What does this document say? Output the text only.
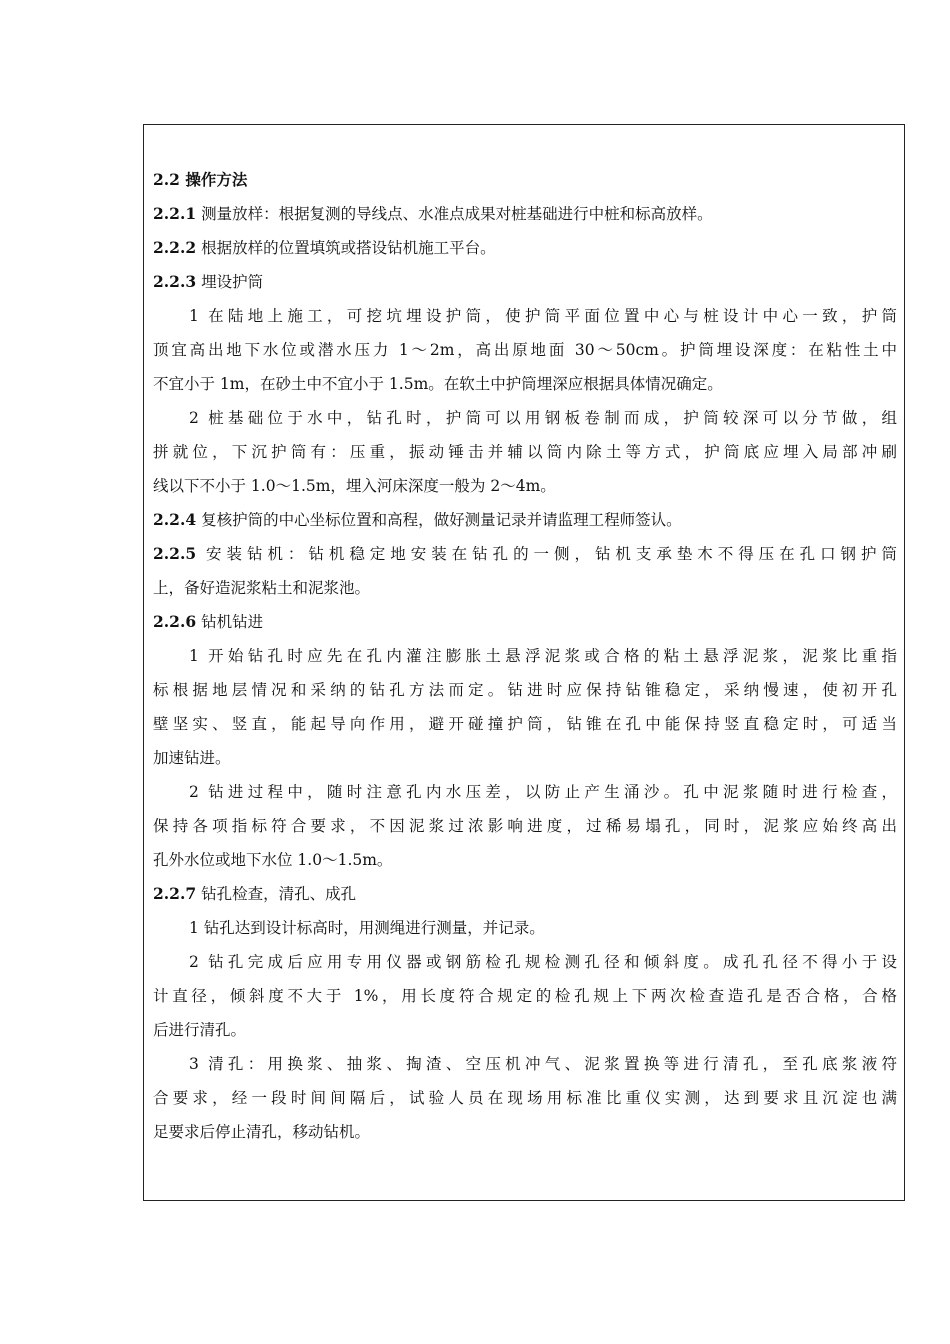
2.2 操作方法
2.2.1 测量放样：根据复测的导线点、水准点成果对桩基础进行中桩和标高放样。
2.2.2 根据放样的位置填筑或搭设钻机施工平台。
2.2.3 埋设护筒
1 在陆地上施工，可挖坑埋设护筒，使护筒平面位置中心与桩设计中心一致，护筒
顶宜高出地下水位或潜水压力 1～2m，高出原地面 30～50cm。护筒埋设深度：在粘性土中
不宜小于 1m，在砂土中不宜小于 1.5m。在软土中护筒埋深应根据具体情况确定。
2 桩基础位于水中，钻孔时，护筒可以用钢板卷制而成，护筒较深可以分节做，组
拼就位，下沉护筒有：压重，振动锤击并辅以筒内除土等方式，护筒底应埋入局部冲刷
线以下不小于 1.0～1.5m，埋入河床深度一般为 2～4m。
2.2.4 复核护筒的中心坐标位置和高程，做好测量记录并请监理工程师签认。
2.2.5 安装钻机：钻机稳定地安装在钻孔的一侧，钻机支承垫木不得压在孔口钢护筒
上，备好造泥浆粘土和泥浆池。
2.2.6 钻机钻进
1 开始钻孔时应先在孔内灌注膨胀土悬浮泥浆或合格的粘土悬浮泥浆，泥浆比重指
标根据地层情况和采纳的钻孔方法而定。钻进时应保持钻锥稳定，采纳慢速，使初开孔
壁坚实、竖直，能起导向作用，避开碰撞护筒，钻锥在孔中能保持竖直稳定时，可适当
加速钻进。
2 钻进过程中，随时注意孔内水压差，以防止产生涌沙。孔中泥浆随时进行检查，
保持各项指标符合要求，不因泥浆过浓影响进度，过稀易塌孔，同时，泥浆应始终高出
孔外水位或地下水位 1.0～1.5m。
2.2.7 钻孔检查，清孔、成孔
1 钻孔达到设计标高时，用测绳进行测量，并记录。
2 钻孔完成后应用专用仪器或钢筋检孔规检测孔径和倾斜度。成孔孔径不得小于设
计直径，倾斜度不大于 1%，用长度符合规定的检孔规上下两次检查造孔是否合格，合格
后进行清孔。
3 清孔：用换浆、抽浆、掏渣、空压机冲气、泥浆置换等进行清孔，至孔底浆液符
合要求，经一段时间间隔后，试验人员在现场用标准比重仪实测，达到要求且沉淀也满
足要求后停止清孔，移动钻机。
